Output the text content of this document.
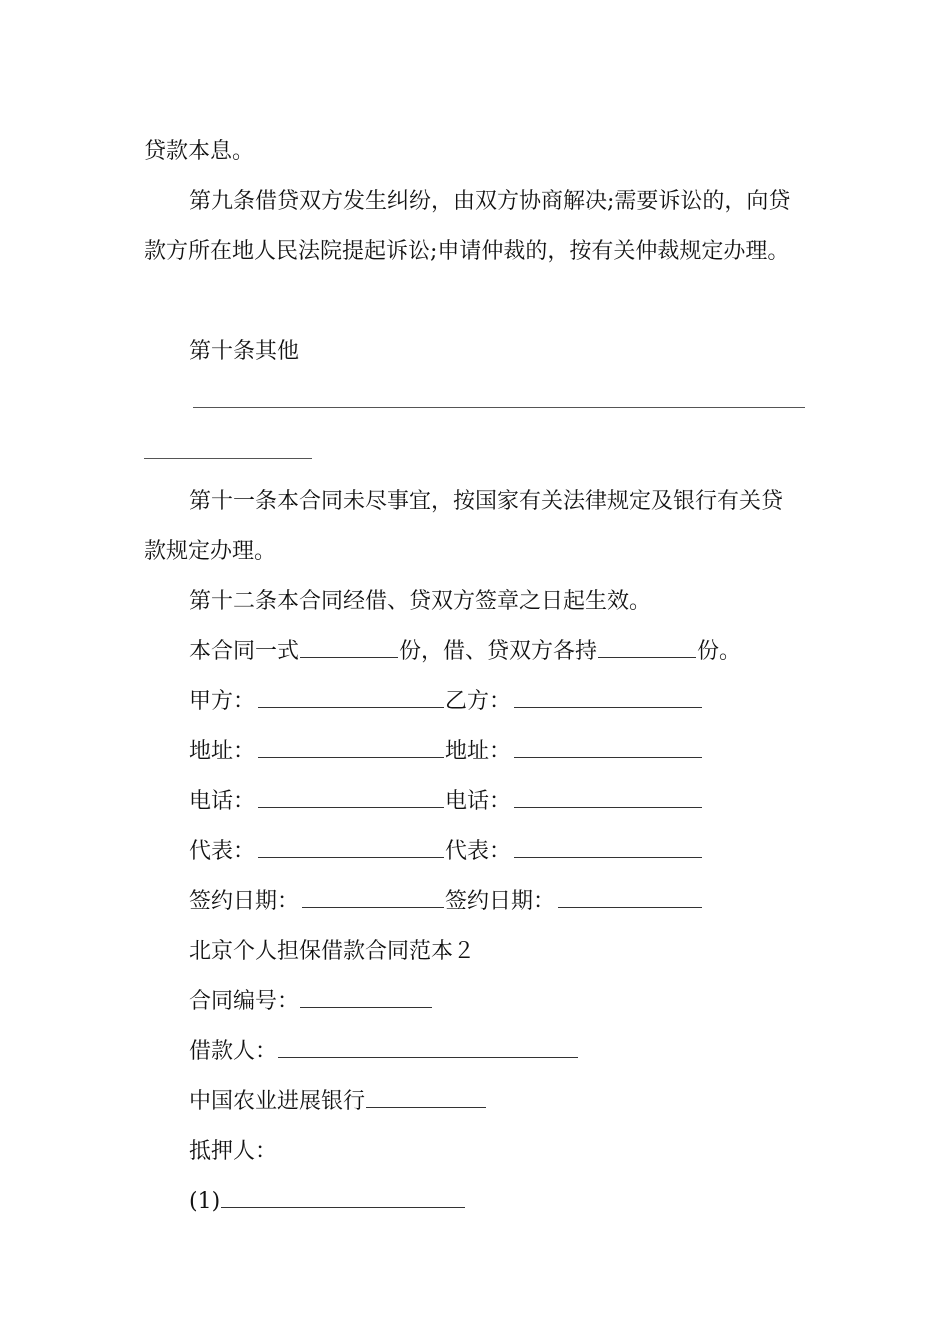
贷款本息。

第九条借贷双方发生纠纷，由双方协商解决;需要诉讼的，向贷

款方所在地人民法院提起诉讼;申请仲裁的，按有关仲裁规定办理。

第十条其他

第十一条本合同未尽事宜，按国家有关法律规定及银行有关贷

款规定办理。

第十二条本合同经借、贷双方签章之日起生效。

本合同一式	份，借、贷双方各持	份。

甲方：	乙方：
地址：	地址：
电话：	电话：
代表：	代表：
签约日期：	签约日期：

北京个人担保借款合同范本２

合同编号：

借款人：

中国农业进展银行

抵押人：

(1)
